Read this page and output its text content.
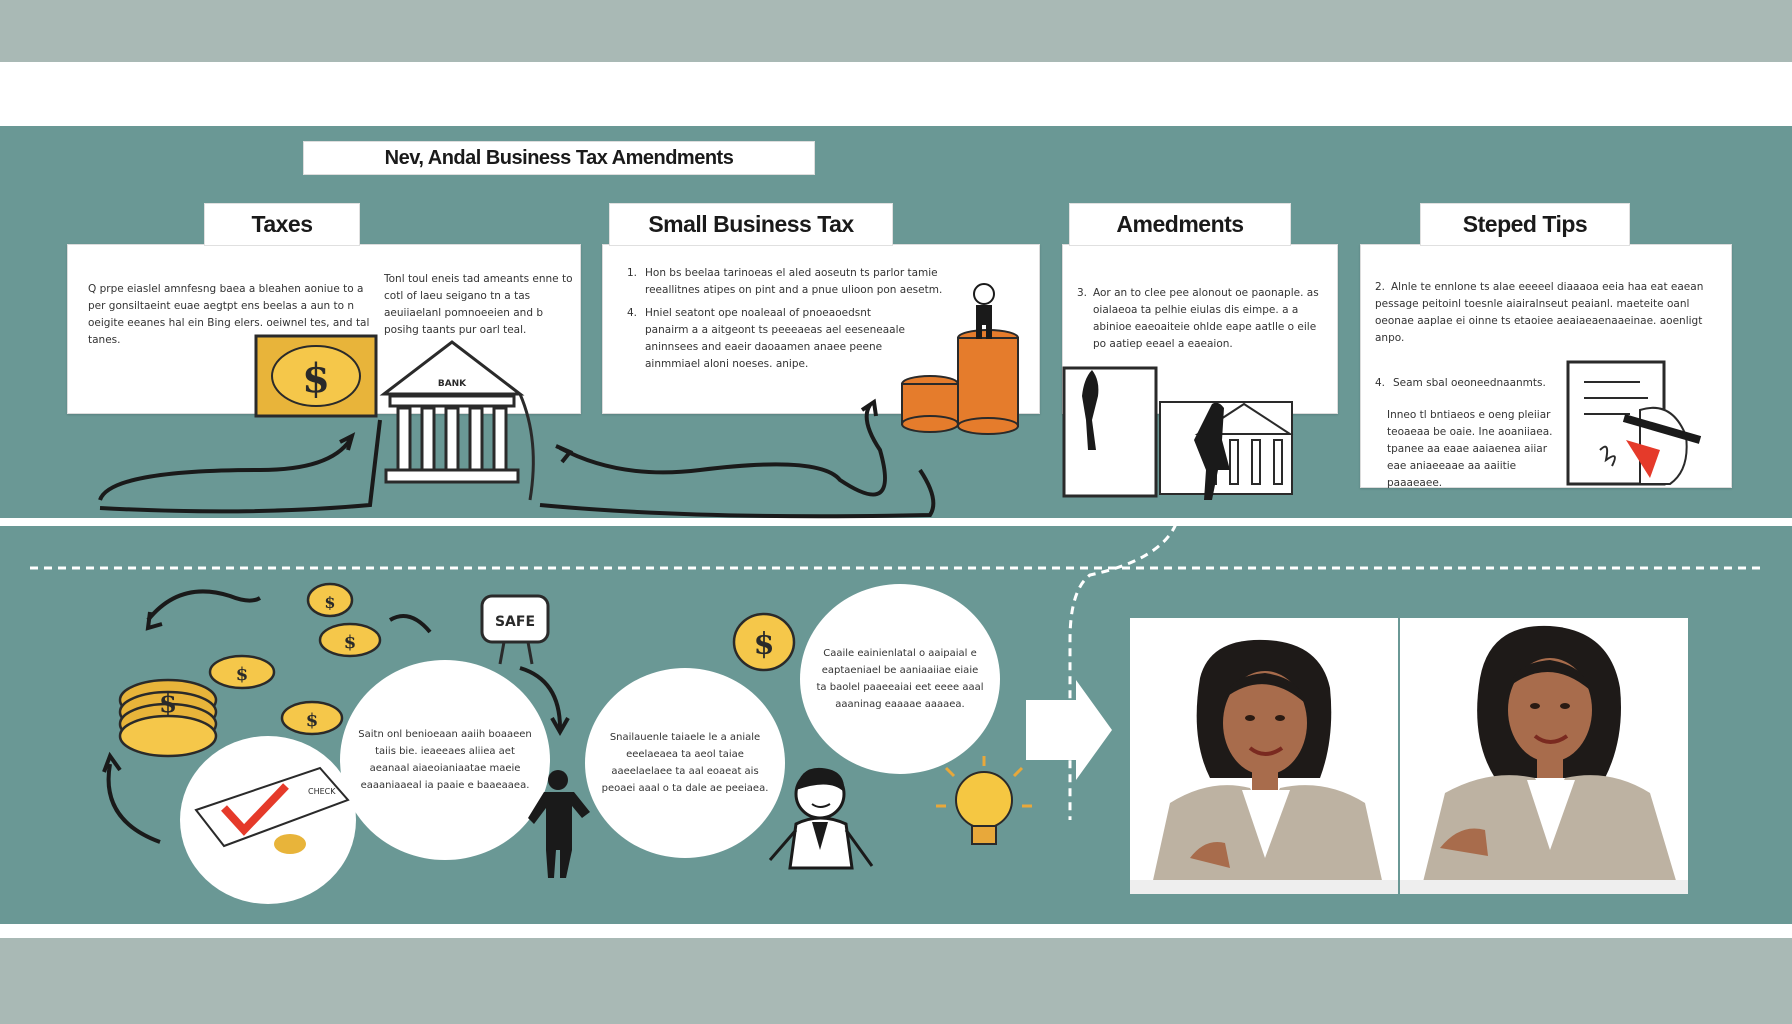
Nev, Andal Business Tax Amendments

Q prpe eiaslel amnfesng baea a bleahen aoniue to a per gonsiltaeint euae aegtpt ens beelas a aun to n oeigite eeanes hal ein Bing elers. oeiwnel tes, and tal tanes.

Tonl toul eneis tad ameants enne to cotl of laeu seigano tn a tas aeuiiaelanl pomnoeeien and b posihg taants pur oarl teal.

Taxes

1. Hon bs beelaa tarinoeas el aled aoseutn ts parlor tamie reeallitnes atipes on pint and a pnue ulioon pon aesetm.

4. Hniel seatont ope noaleaal of pnoeaoedsnt panairm a a aitgeont ts peeeaeas ael eeseneaale aninnsees and eaeir daoaamen anaee peene ainmmiael aloni noeses. anipe.

Small Business Tax

3. Aor an to clee pee alonout oe paonaple. as oialaeoa ta pelhie eiulas dis eimpe. a a abinioe eaeoaiteie ohlde eape aatlle o eile po aatiep eeael a eaeaion.

Amedments

2. Alnle te ennlone ts alae eeeeel diaaaoa eeia haa eat eaean pessage peitoinl toesnle aiairalnseut peaianl. maeteite oanl oeonae aaplae ei oinne ts etaoiee aeaiaeaenaaeinae. aoenligt anpo.

4. Seam sbal oeoneednaanmts.

Inneo tl bntiaeos e oeng pleiiar teoaeaa be oaie. Ine aoaniiaea. tpanee aa eaae aaiaenea aiiar eae aniaeeaae aa aaiitie paaaeaee.

Steped Tips
Saitn onl benioeaan aaiih boaaeen taiis bie. ieaeeaes aliiea aet aeanaal aiaeoianiaatae maeie eaaaniaaeal ia paaie e baaeaaea.
Snailauenle taiaele le a aniale eeelaeaea ta aeol taiae aaeelaelaee ta aal eoaeat ais peoaei aaal o ta dale ae peeiaea.
Caaile eainienlatal o aaipaial e eaptaeniael be aaniaaiiae eiaie ta baolel paaeeaiai eet eeee aaal aaaninag eaaaae aaaaea.
$	BANK
$
$
$
$
$	$
CHECK
SAFE
